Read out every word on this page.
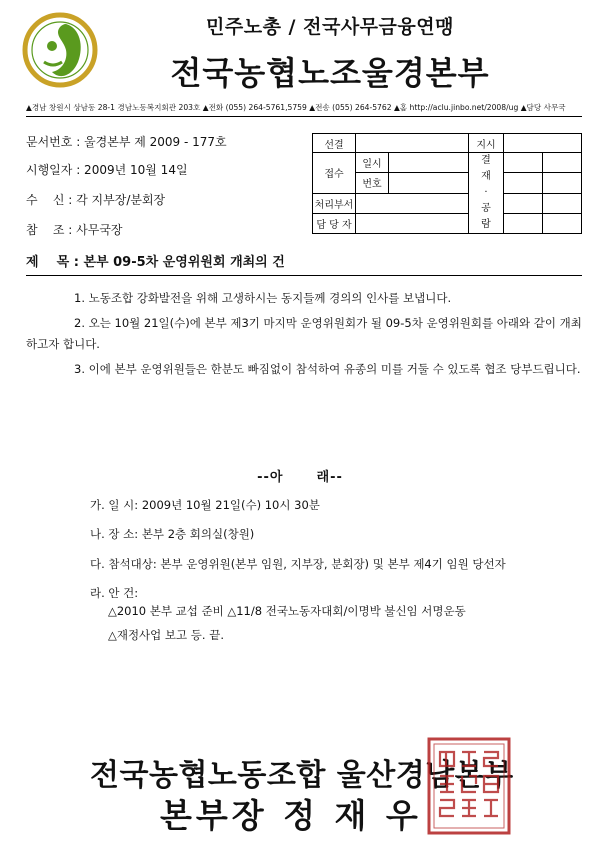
민주노총 / 전국사무금융연맹
전국농협노조울경본부
▲경남 창원시 상남동 28-1 경남노동복지회관 203호 ▲전화 (055) 264-5761,5759 ▲전송 (055) 264-5762 ▲홈 http://aclu.jinbo.net/2008/ug ▲담당 사무국
문서번호 : 울경본부 제 2009 - 177호
시행일자 : 2009년 10월 14일
수    신 : 각 지부장/분회장
참    조 : 사무국장
선결			지시		
접수	일시		결재·공람		
	번호				
처리부서					
담 당 자					
제    목 : 본부 09-5차 운영위원회 개최의 건
1. 노동조합 강화발전을 위해 고생하시는 동지들께 경의의 인사를 보냅니다.
2. 오는 10월 21일(수)에 본부 제3기 마지막 운영위원회가 될 09-5차 운영위원회를 아래와 같이 개최하고자 합니다.
3. 이에 본부 운영위원들은 한분도 빠짐없이 참석하여 유종의 미를 거둘 수 있도록 협조 당부드립니다.
--아      래--
가. 일 시: 2009년 10월 21일(수) 10시 30분
나. 장 소: 본부 2층 회의실(창원)
다. 참석대상: 본부 운영위원(본부 임원, 지부장, 분회장) 및 본부 제4기 임원 당선자
라. 안 건:
△2010 본부 교섭 준비 △11/8 전국노동자대회/이명박 불신임 서명운동
△재정사업 보고 등. 끝.
전국농협노동조합 울산경남본부
본부장 정 재 우
